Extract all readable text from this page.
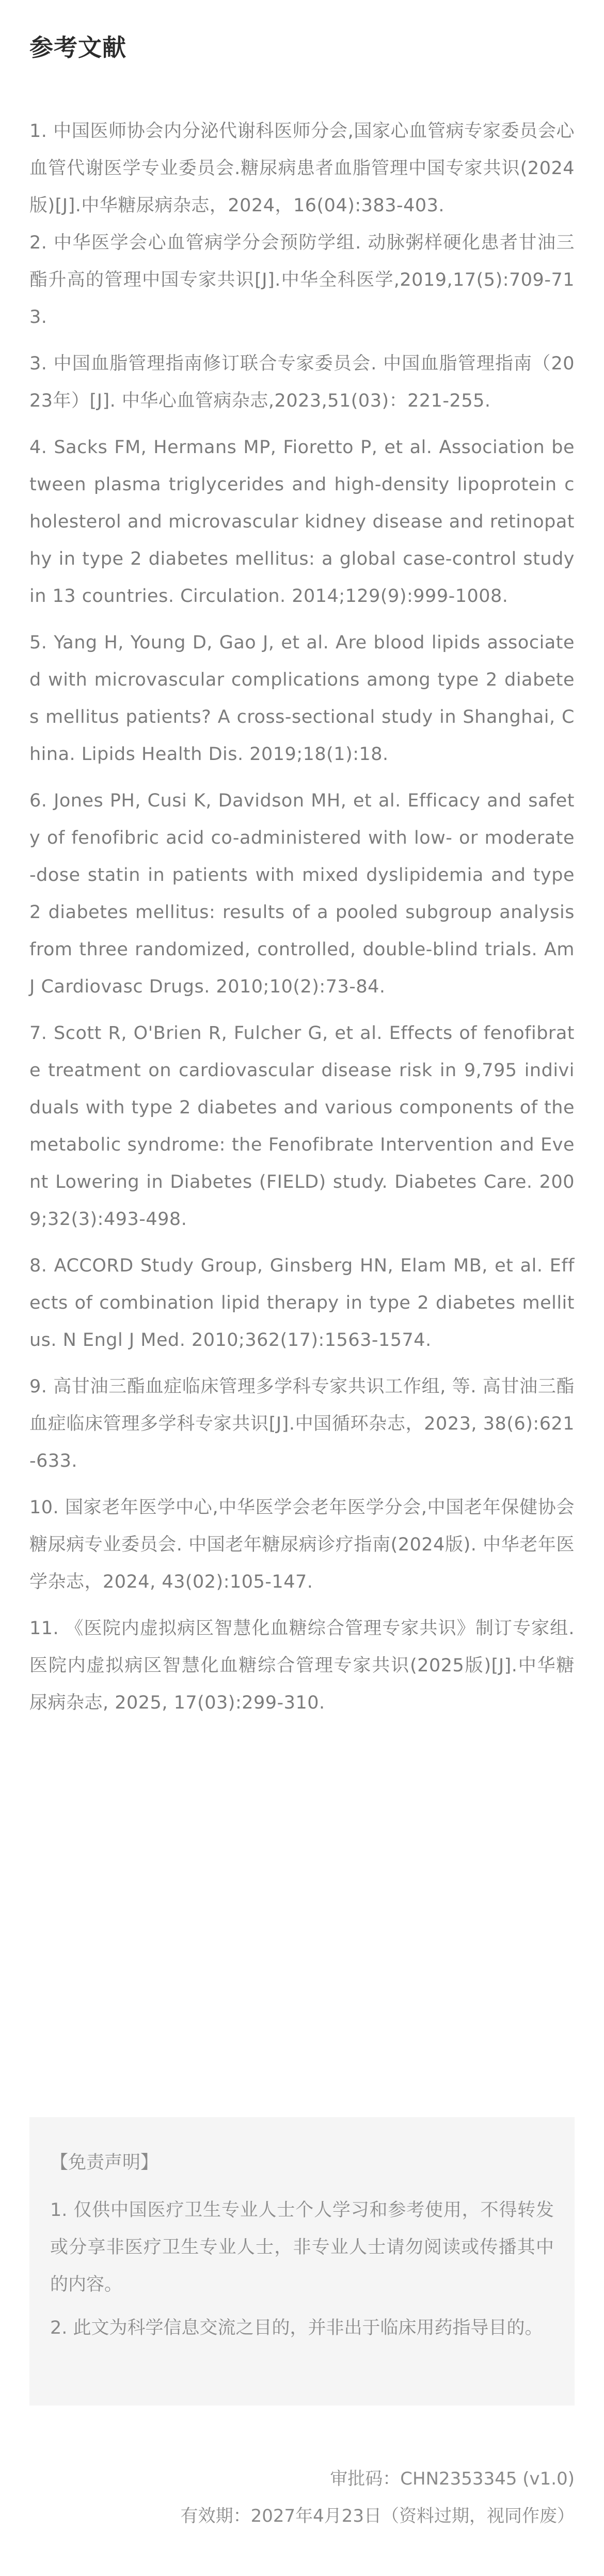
参考文献

1. 中国医师协会内分泌代谢科医师分会,国家心血管病专家委员会心血管代谢医学专业委员会.糖尿病患者血脂管理中国专家共识(2024版)[J].中华糖尿病杂志，2024，16(04):383-403.

2. 中华医学会心血管病学分会预防学组. 动脉粥样硬化患者甘油三酯升高的管理中国专家共识[J].中华全科医学,2019,17(5):709-713.

3. 中国血脂管理指南修订联合专家委员会. 中国血脂管理指南（2023年）[J]. 中华心血管病杂志,2023,51(03)：221-255.

4. Sacks FM, Hermans MP, Fioretto P, et al. Association between plasma triglycerides and high-density lipoprotein cholesterol and microvascular kidney disease and retinopathy in type 2 diabetes mellitus: a global case-control study in 13 countries. Circulation. 2014;129(9):999-1008.

5. Yang H, Young D, Gao J, et al. Are blood lipids associated with microvascular complications among type 2 diabetes mellitus patients? A cross-sectional study in Shanghai, China. Lipids Health Dis. 2019;18(1):18.

6. Jones PH, Cusi K, Davidson MH, et al. Efficacy and safety of fenofibric acid co-administered with low- or moderate-dose statin in patients with mixed dyslipidemia and type 2 diabetes mellitus: results of a pooled subgroup analysis from three randomized, controlled, double-blind trials. Am J Cardiovasc Drugs. 2010;10(2):73-84.

7. Scott R, O'Brien R, Fulcher G, et al. Effects of fenofibrate treatment on cardiovascular disease risk in 9,795 individuals with type 2 diabetes and various components of the metabolic syndrome: the Fenofibrate Intervention and Event Lowering in Diabetes (FIELD) study. Diabetes Care. 2009;32(3):493-498.

8. ACCORD Study Group, Ginsberg HN, Elam MB, et al. Effects of combination lipid therapy in type 2 diabetes mellitus. N Engl J Med. 2010;362(17):1563-1574.

9. 高甘油三酯血症临床管理多学科专家共识工作组, 等. 高甘油三酯血症临床管理多学科专家共识[J].中国循环杂志，2023, 38(6):621-633.

10. 国家老年医学中心,中华医学会老年医学分会,中国老年保健协会糖尿病专业委员会. 中国老年糖尿病诊疗指南(2024版). 中华老年医学杂志，2024, 43(02):105-147.

11. 《医院内虚拟病区智慧化血糖综合管理专家共识》制订专家组.医院内虚拟病区智慧化血糖综合管理专家共识(2025版)[J].中华糖尿病杂志, 2025, 17(03):299-310.

【免责声明】

1. 仅供中国医疗卫生专业人士个人学习和参考使用，不得转发或分享非医疗卫生专业人士，非专业人士请勿阅读或传播其中的内容。

2. 此文为科学信息交流之目的，并非出于临床用药指导目的。

审批码：CHN2353345 (v1.0)
有效期：2027年4月23日（资料过期，视同作废）
